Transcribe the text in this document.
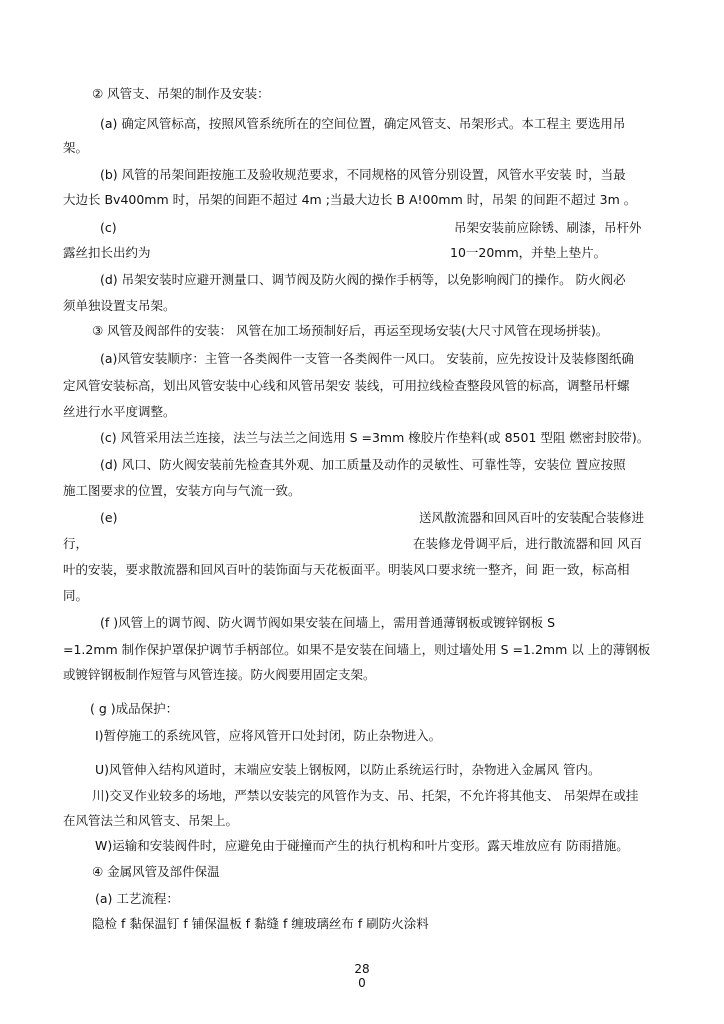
② 风管支、吊架的制作及安装：
(a) 确定风管标高，按照风管系统所在的空间位置，确定风管支、吊架形式。本工程主 要选用吊
架。
(b) 风管的吊架间距按施工及验收规范要求，不同规格的风管分别设置，风管水平安装 时，当最
大边长 Bv400mm 时，吊架的间距不超过 4m ;当最大边长 B A!00mm 时，吊架 的间距不超过 3m 。
(c)	吊架安装前应除锈、刷漆，吊杆外
露丝扣长出约为	10一20mm，并垫上垫片。
(d) 吊架安装时应避开测量口、调节阀及防火阀的操作手柄等，以免影响阀门的操作。 防火阀必
须单独设置支吊架。
③ 风管及阀部件的安装： 风管在加工场预制好后，再运至现场安装(大尺寸风管在现场拼装)。
(a)风管安装顺序：主管一各类阀件一支管一各类阀件一风口。 安装前，应先按设计及装修图纸确
定风管安装标高，划出风管安装中心线和风管吊架安 装线，可用拉线检查整段风管的标高，调整吊杆螺
丝进行水平度调整。
(c) 风管采用法兰连接，法兰与法兰之间选用 S =3mm 橡胶片作垫料(或 8501 型阻 燃密封胶带)。
(d) 风口、防火阀安装前先检查其外观、加工质量及动作的灵敏性、可靠性等，安装位 置应按照
施工图要求的位置，安装方向与气流一致。
(e)	送风散流器和回风百叶的安装配合装修进
行，	在装修龙骨调平后，进行散流器和回 风百
叶的安装，要求散流器和回风百叶的装饰面与天花板面平。明装风口要求统一整齐，间 距一致，标高相
同。
(f )风管上的调节阀、防火调节阀如果安装在间墙上，需用普通薄钢板或镀锌钢板 S
=1.2mm 制作保护罩保护调节手柄部位。如果不是安装在间墙上，则过墙处用 S =1.2mm 以 上的薄钢板
或镀锌钢板制作短管与风管连接。防火阀要用固定支架。
( g )成品保护：
I)暂停施工的系统风管，应将风管开口处封闭，防止杂物进入。
U)风管伸入结构风道时，末端应安装上钢板网，以防止系统运行时，杂物进入金属风 管内。
川)交叉作业较多的场地，严禁以安装完的风管作为支、吊、托架，不允许将其他支、 吊架焊在或挂
在风管法兰和风管支、吊架上。
W)运输和安装阀件时，应避免由于碰撞而产生的执行机构和叶片变形。露天堆放应有 防雨措施。
④ 金属风管及部件保温
(a) 工艺流程：
隐检 f 黏保温钉 f 铺保温板 f 黏缝 f 缠玻璃丝布 f 刷防火涂料
28
0
